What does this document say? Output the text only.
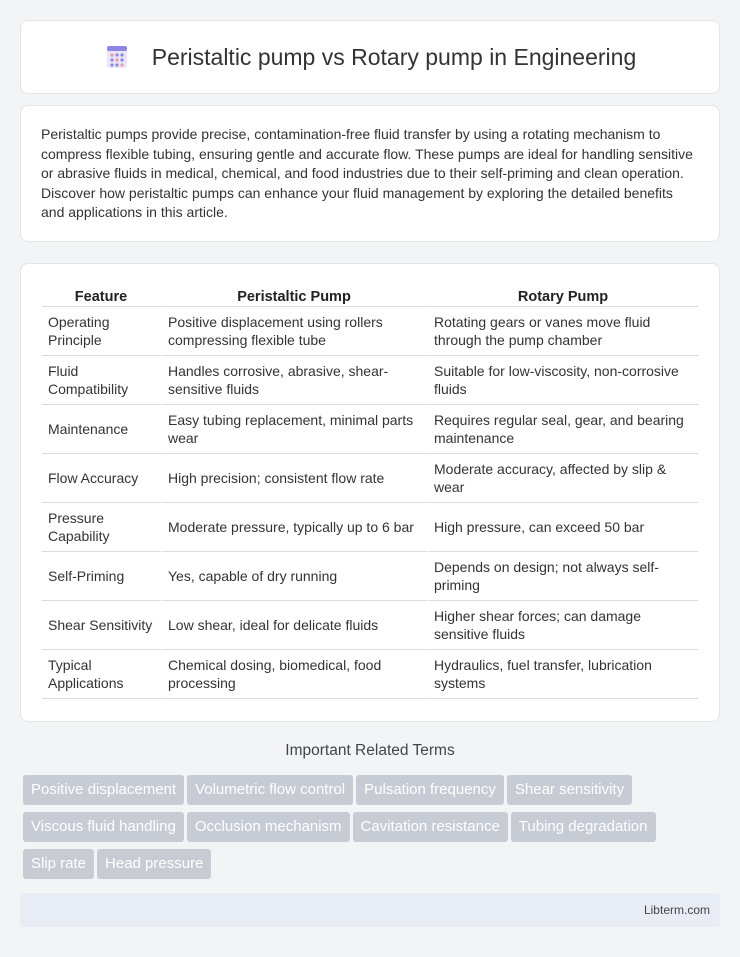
Peristaltic pump vs Rotary pump in Engineering

Peristaltic pumps provide precise, contamination-free fluid transfer by using a rotating mechanism to compress flexible tubing, ensuring gentle and accurate flow. These pumps are ideal for handling sensitive or abrasive fluids in medical, chemical, and food industries due to their self-priming and clean operation. Discover how peristaltic pumps can enhance your fluid management by exploring the detailed benefits and applications in this article.

Feature	Peristaltic Pump	Rotary Pump
Operating Principle	Positive displacement using rollers compressing flexible tube	Rotating gears or vanes move fluid through the pump chamber
Fluid Compatibility	Handles corrosive, abrasive, shear-sensitive fluids	Suitable for low-viscosity, non-corrosive fluids
Maintenance	Easy tubing replacement, minimal parts wear	Requires regular seal, gear, and bearing maintenance
Flow Accuracy	High precision; consistent flow rate	Moderate accuracy, affected by slip & wear
Pressure Capability	Moderate pressure, typically up to 6 bar	High pressure, can exceed 50 bar
Self-Priming	Yes, capable of dry running	Depends on design; not always self-priming
Shear Sensitivity	Low shear, ideal for delicate fluids	Higher shear forces; can damage sensitive fluids
Typical Applications	Chemical dosing, biomedical, food processing	Hydraulics, fuel transfer, lubrication systems
Important Related Terms
Positive displacement Volumetric flow control Pulsation frequency Shear sensitivityViscous fluid handling Occlusion mechanism Cavitation resistance Tubing degradationSlip rate Head pressure
Libterm.com
